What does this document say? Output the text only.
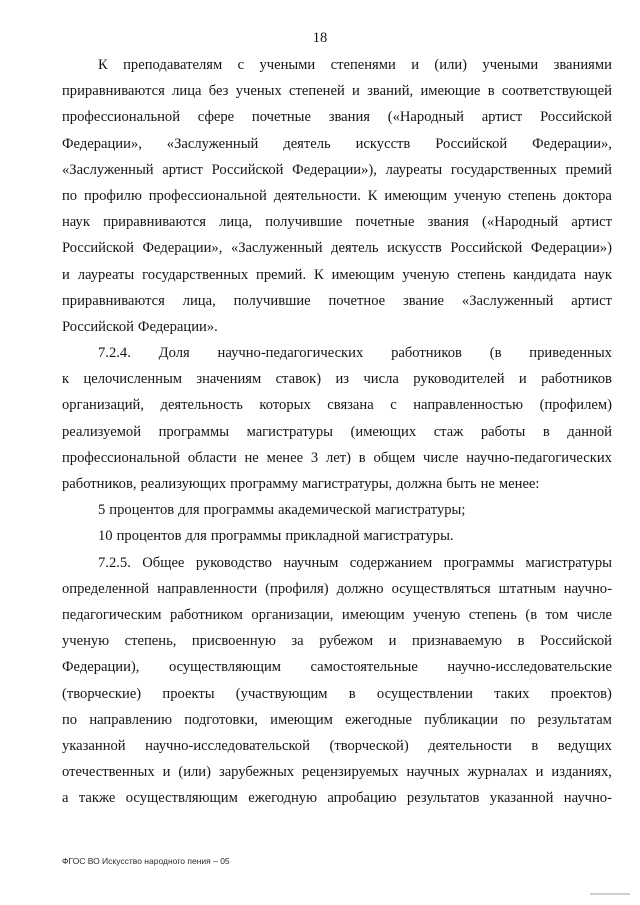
18
К преподавателям с учеными степенями и (или) учеными званиями
приравниваются лица без ученых степеней и званий, имеющие в соответствующей
профессиональной сфере почетные звания («Народный артист Российской
Федерации», «Заслуженный деятель искусств Российской Федерации»,
«Заслуженный артист Российской Федерации»), лауреаты государственных премий
по профилю профессиональной деятельности. К имеющим ученую степень доктора
наук приравниваются лица, получившие почетные звания («Народный артист
Российской Федерации», «Заслуженный деятель искусств Российской Федерации»)
и лауреаты государственных премий. К имеющим ученую степень кандидата наук
приравниваются лица, получившие почетное звание «Заслуженный артист
Российской Федерации».
7.2.4. Доля научно-педагогических работников (в приведенных
к целочисленным значениям ставок) из числа руководителей и работников
организаций, деятельность которых связана с направленностью (профилем)
реализуемой программы магистратуры (имеющих стаж работы в данной
профессиональной области не менее 3 лет) в общем числе научно-педагогических
работников, реализующих программу магистратуры, должна быть не менее:
5 процентов для программы академической магистратуры;
10 процентов для программы прикладной магистратуры.
7.2.5. Общее руководство научным содержанием программы магистратуры
определенной направленности (профиля) должно осуществляться штатным научно-
педагогическим работником организации, имеющим ученую степень (в том числе
ученую степень, присвоенную за рубежом и признаваемую в Российской
Федерации), осуществляющим самостоятельные научно-исследовательские
(творческие) проекты (участвующим в осуществлении таких проектов)
по направлению подготовки, имеющим ежегодные публикации по результатам
указанной научно-исследовательской (творческой) деятельности в ведущих
отечественных и (или) зарубежных рецензируемых научных журналах и изданиях,
а также осуществляющим ежегодную апробацию результатов указанной научно-
ФГОС ВО Искусство народного пения – 05
